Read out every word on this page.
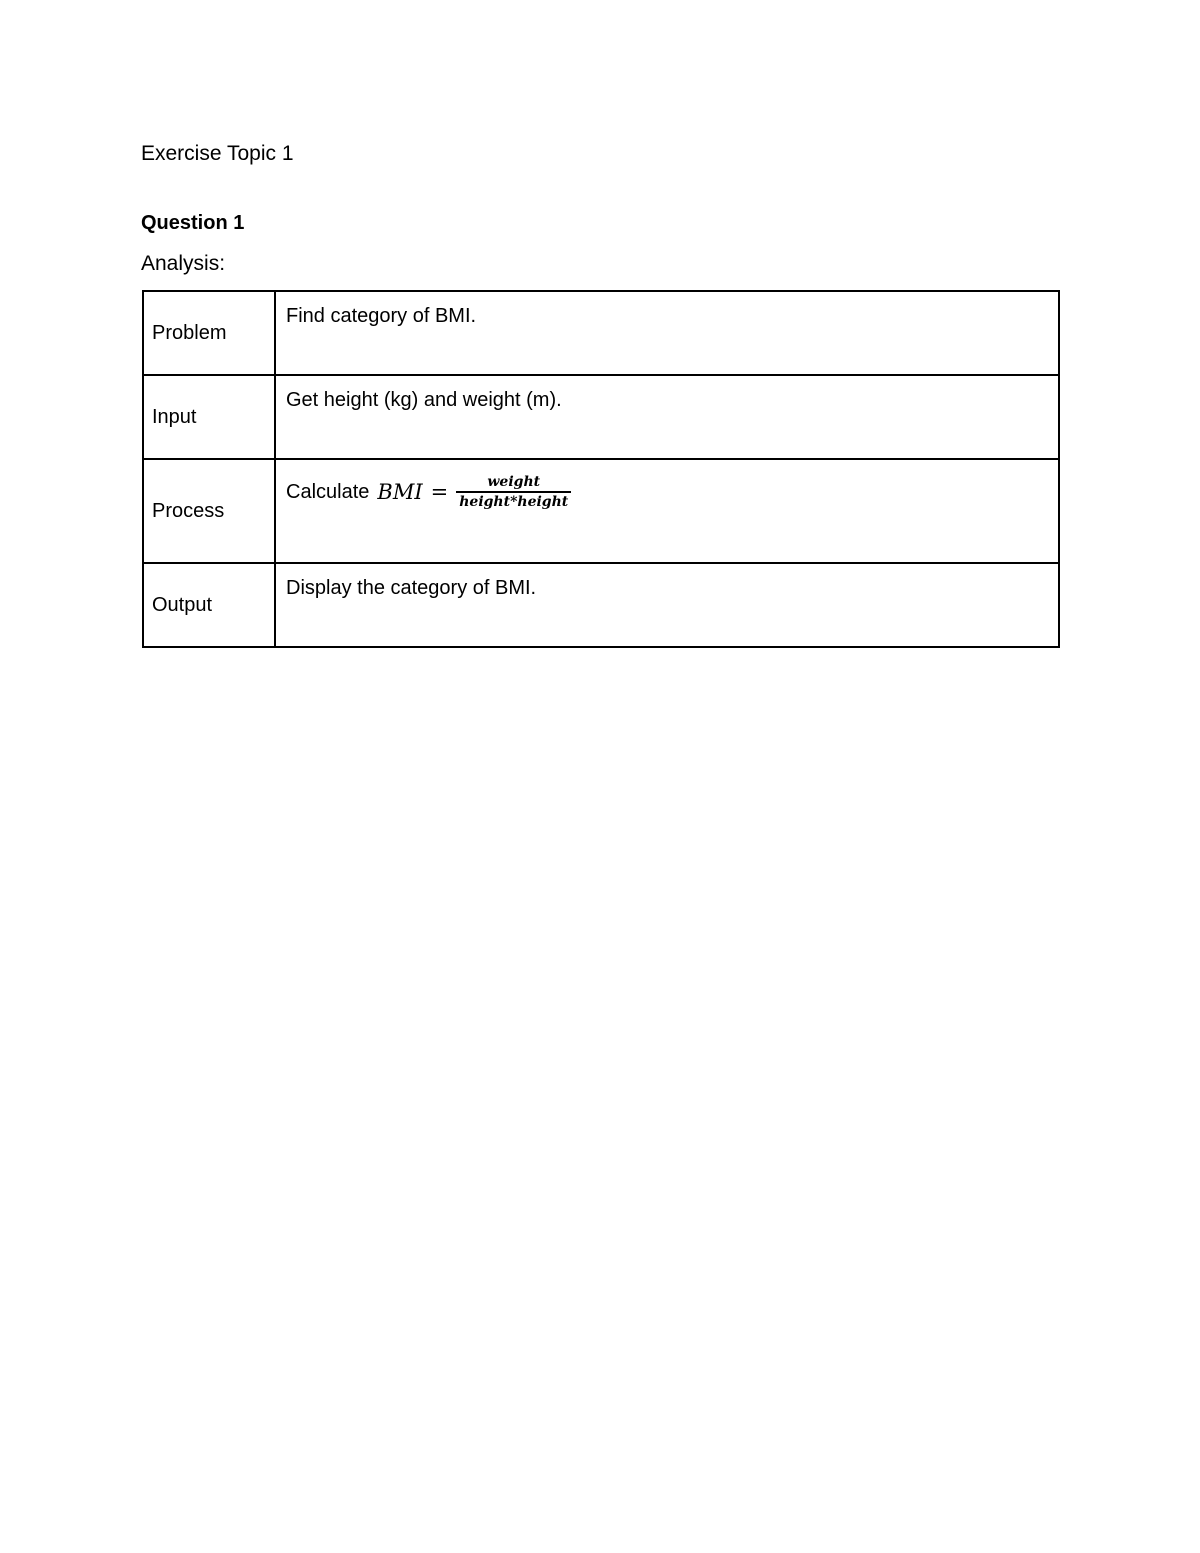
Exercise Topic 1
Question 1
Analysis:
Problem	Find category of BMI.
Input	Get height (kg) and weight (m).
Process	Calculate BMI = $\frac{\text{weight}}{\text{height*height}}$

Output	Display the category of BMI.
